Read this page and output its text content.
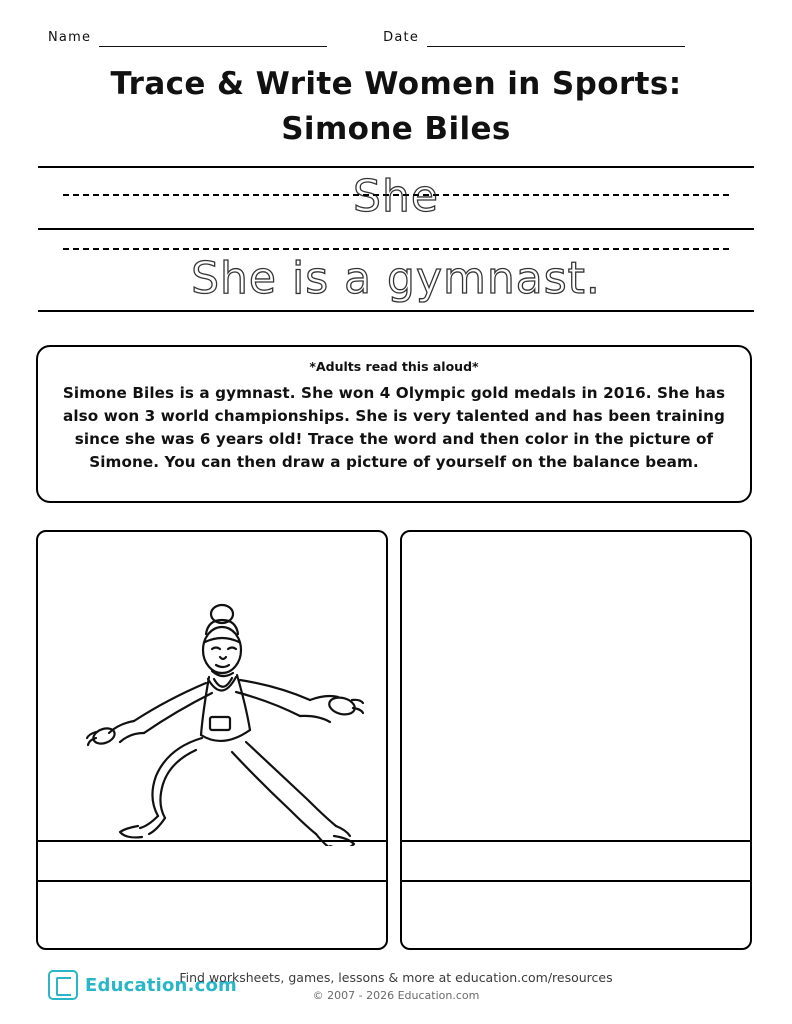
Name	Date
Trace & Write Women in Sports:
Simone Biles
She
She is a gymnast.
*Adults read this aloud*
Simone Biles is a gymnast. She won 4 Olympic gold medals in 2016. She has also won 3 world championships. She is very talented and has been training since she was 6 years old! Trace the word and then color in the picture of Simone. You can then draw a picture of yourself on the balance beam.
Education.com
Find worksheets, games, lessons & more at education.com/resources
© 2007 - 2026 Education.com
